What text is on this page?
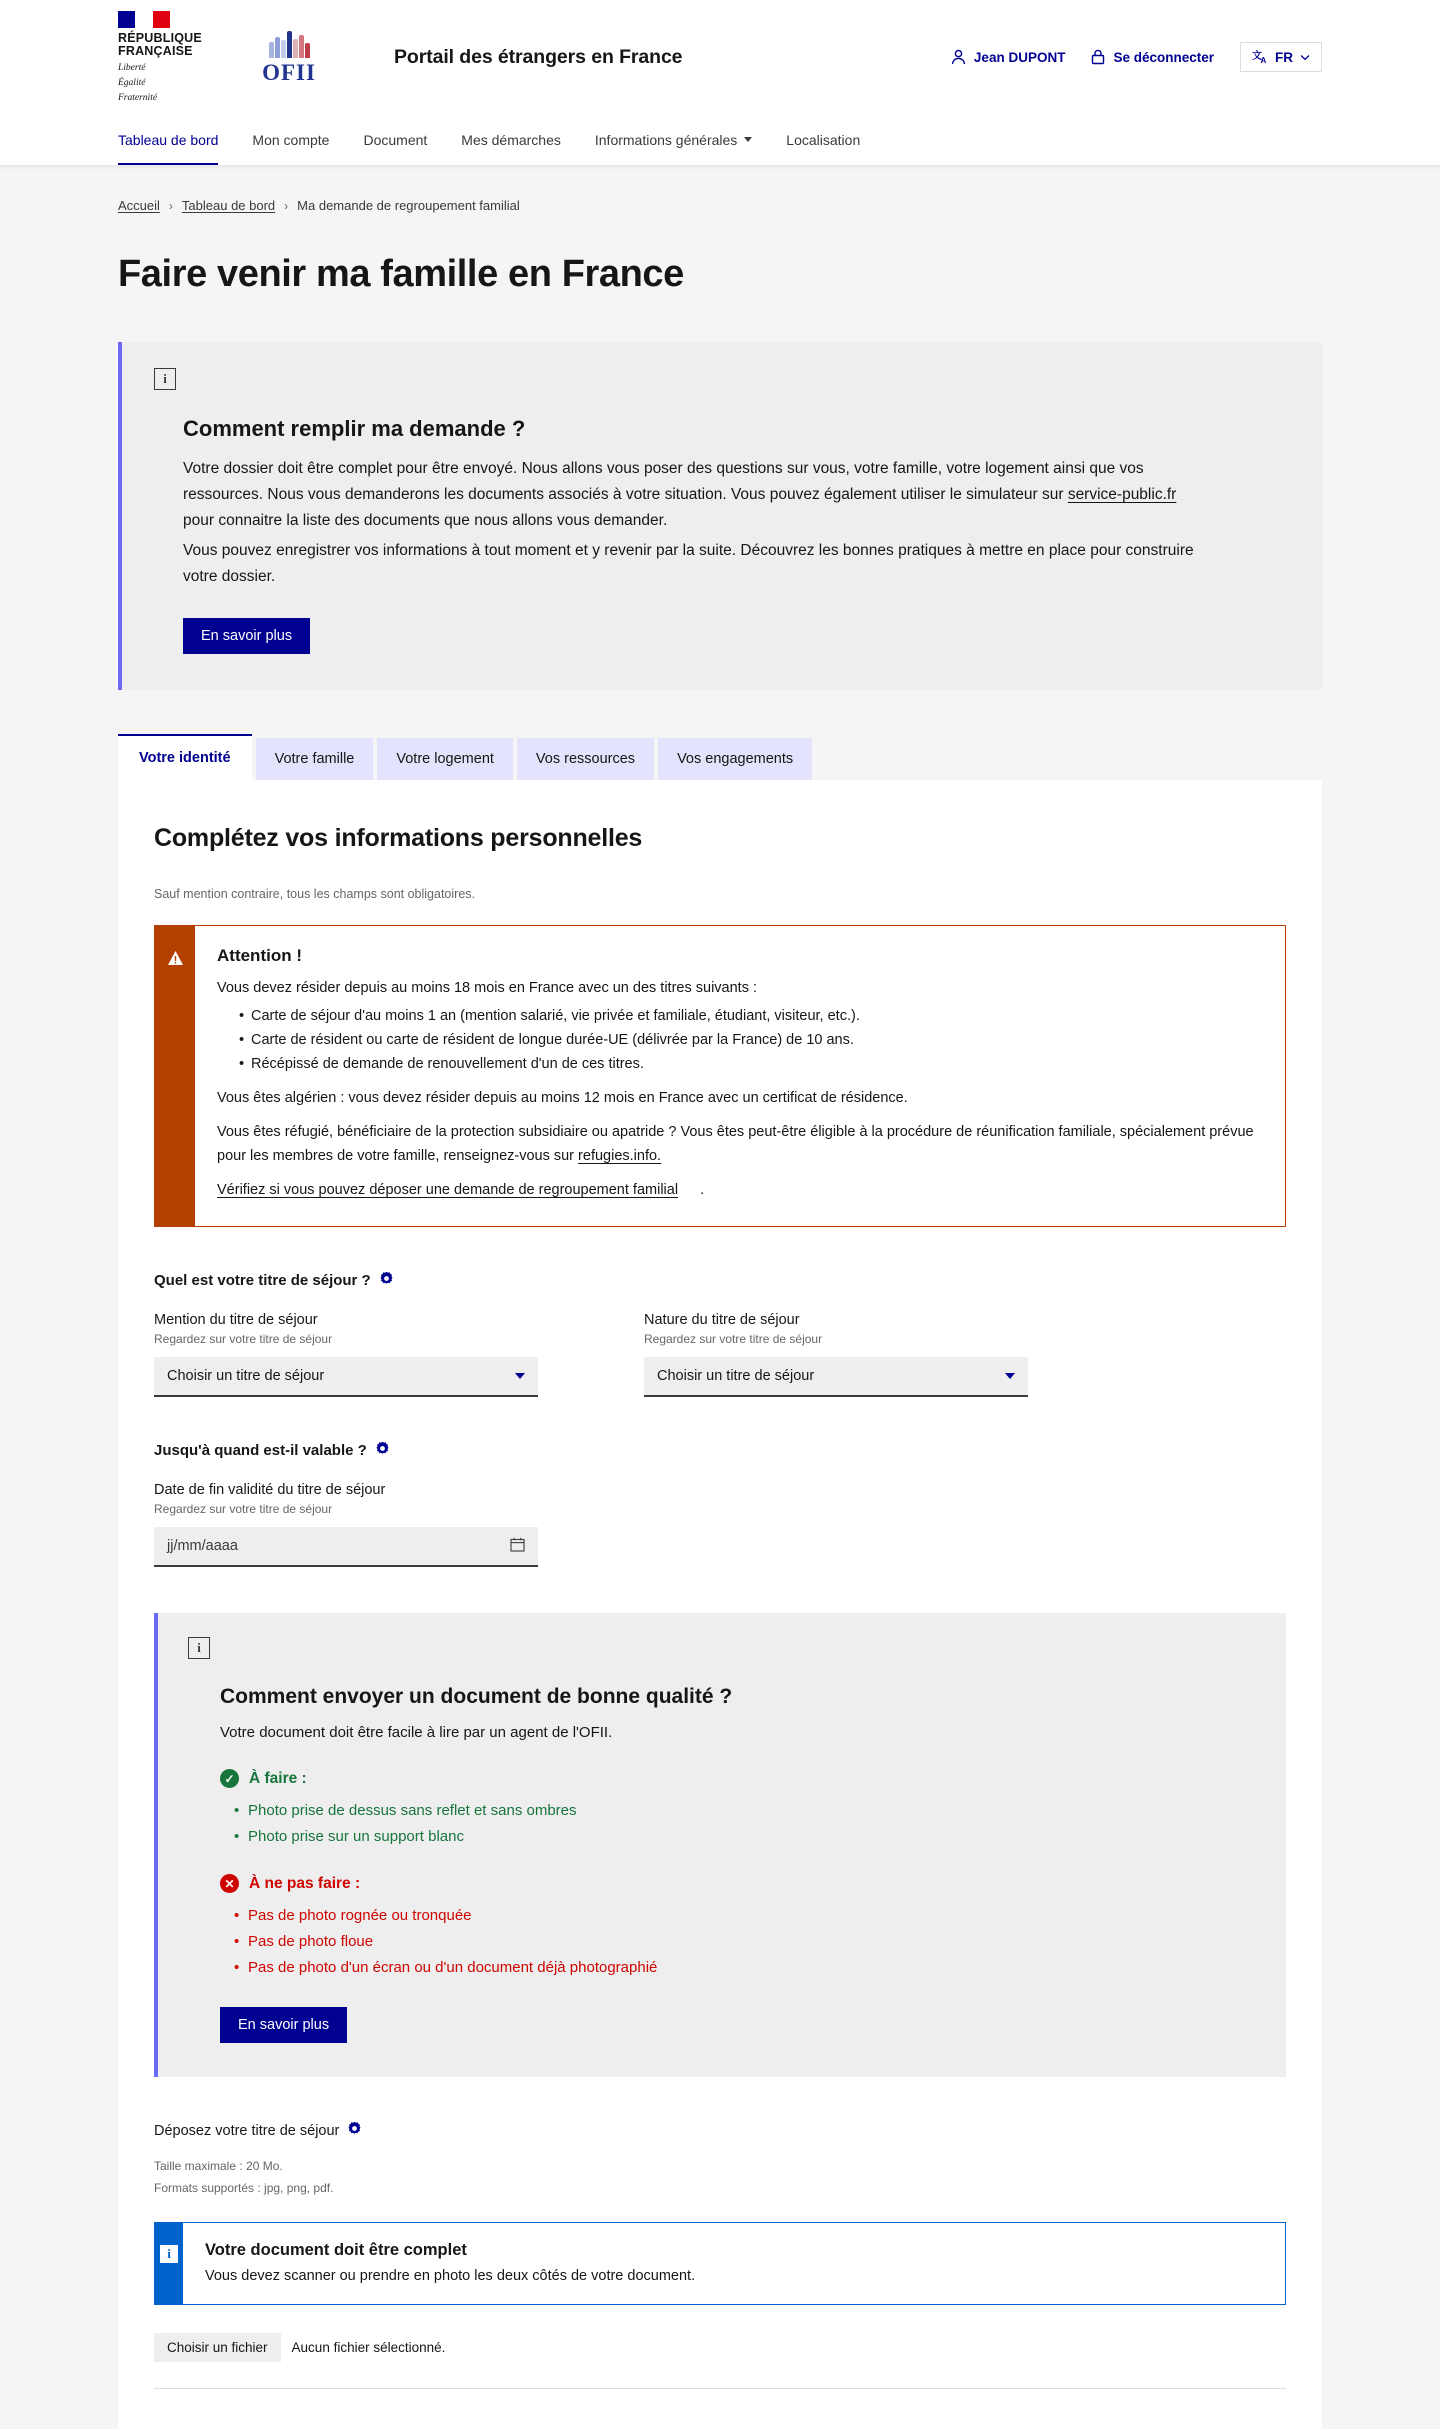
RÉPUBLIQUE
FRANÇAISE
Liberté
Égalité
Fraternité
OFII
Portail des étrangers en France	Jean DUPONT	Se déconnecter	文
A FR
Tableau de bord Mon compte Document Mes démarches Informations générales	Localisation
Accueil › Tableau de bord › Ma demande de regroupement familial
Faire venir ma famille en France
i
Comment remplir ma demande ?

Votre dossier doit être complet pour être envoyé. Nous allons vous poser des questions sur vous, votre famille, votre logement ainsi que vos ressources. Nous vous demanderons les documents associés à votre situation. Vous pouvez également utiliser le simulateur sur service-public.fr pour connaitre la liste des documents que nous allons vous demander.

Vous pouvez enregistrer vos informations à tout moment et y revenir par la suite. Découvrez les bonnes pratiques à mettre en place pour construire votre dossier.

En savoir plus
Votre identité	Votre famille	Votre logement	Vos ressources	Vos engagements
Complétez vos informations personnelles

Sauf mention contraire, tous les champs sont obligatoires.

Attention !

Vous devez résider depuis au moins 18 mois en France avec un des titres suivants :

• Carte de séjour d'au moins 1 an (mention salarié, vie privée et familiale, étudiant, visiteur, etc.).
• Carte de résident ou carte de résident de longue durée-UE (délivrée par la France) de 10 ans.
• Récépissé de demande de renouvellement d'un de ces titres.

Vous êtes algérien : vous devez résider depuis au moins 12 mois en France avec un certificat de résidence.

Vous êtes réfugié, bénéficiaire de la protection subsidiaire ou apatride ? Vous êtes peut-être éligible à la procédure de réunification familiale, spécialement prévue pour les membres de votre famille, renseignez-vous sur refugies.info.

Vérifiez si vous pouvez déposer une demande de regroupement familial .

Quel est votre titre de séjour ?
Mention du titre de séjour
Regardez sur votre titre de séjour
Choisir un titre de séjour
Nature du titre de séjour
Regardez sur votre titre de séjour
Choisir un titre de séjour
Jusqu'à quand est-il valable ?
Date de fin validité du titre de séjour
Regardez sur votre titre de séjour
jj/mm/aaaa
i
Comment envoyer un document de bonne qualité ?

Votre document doit être facile à lire par un agent de l'OFII.

✓ À faire :
• Photo prise de dessus sans reflet et sans ombres
• Photo prise sur un support blanc
✕ À ne pas faire :
• Pas de photo rognée ou tronquée
• Pas de photo floue
• Pas de photo d'un écran ou d'un document déjà photographié
En savoir plus
Déposez votre titre de séjour
Taille maximale : 20 Mo.
Formats supportés : jpg, png, pdf.
i	Votre document doit être complet

Vous devez scanner ou prendre en photo les deux côtés de votre document.

Choisir un fichier	Aucun fichier sélectionné.
